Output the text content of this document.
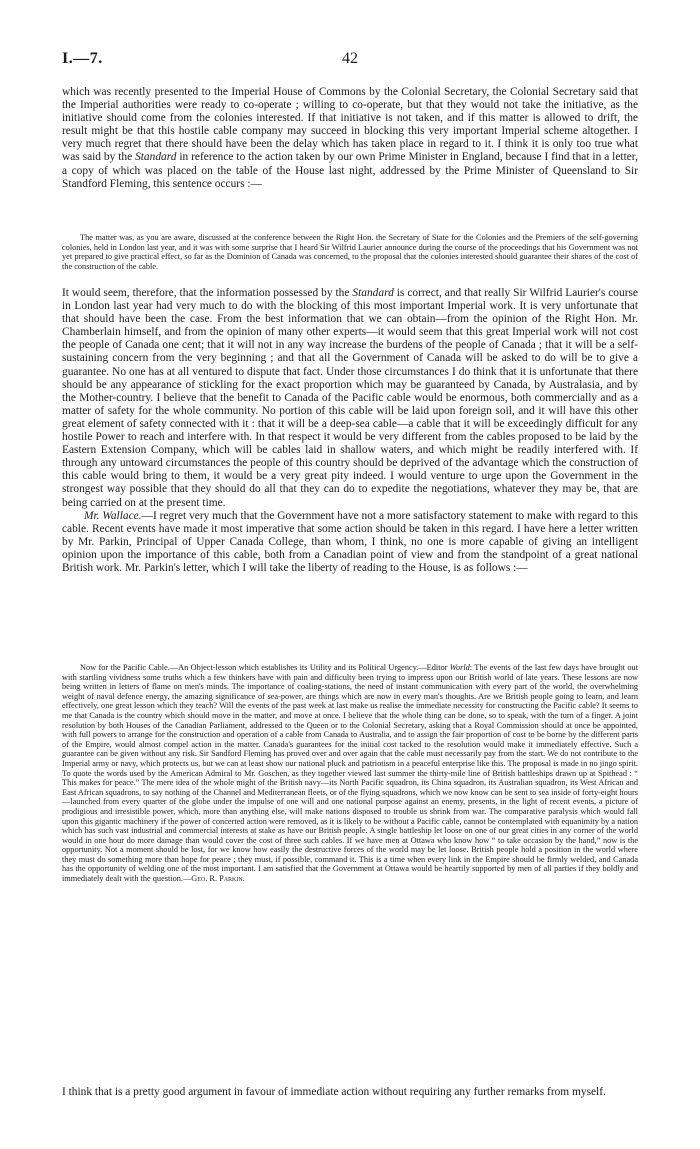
I.—7.	42

which was recently presented to the Imperial House of Commons by the Colonial Secretary, the Colonial Secretary said that the Imperial authorities were ready to co-operate ; willing to co-operate, but that they would not take the initiative, as the initiative should come from the colonies interested. If that initiative is not taken, and if this matter is allowed to drift, the result might be that this hostile cable company may succeed in blocking this very important Imperial scheme altogether. I very much regret that there should have been the delay which has taken place in regard to it. I think it is only too true what was said by the Standard in reference to the action taken by our own Prime Minister in England, because I find that in a letter, a copy of which was placed on the table of the House last night, addressed by the Prime Minister of Queensland to Sir Standford Fleming, this sentence occurs :—

The matter was, as you are aware, discussed at the conference between the Right Hon. the Secretary of State for the Colonies and the Premiers of the self-governing colonies, held in London last year, and it was with some surprise that I heard Sir Wilfrid Laurier announce during the course of the proceedings that his Government was not yet prepared to give practical effect, so far as the Dominion of Canada was concerned, to the proposal that the colonies interested should guarantee their shares of the cost of the construction of the cable.

It would seem, therefore, that the information possessed by the Standard is correct, and that really Sir Wilfrid Laurier's course in London last year had very much to do with the blocking of this most important Imperial work. It is very unfortunate that that should have been the case. From the best information that we can obtain—from the opinion of the Right Hon. Mr. Chamberlain himself, and from the opinion of many other experts—it would seem that this great Imperial work will not cost the people of Canada one cent; that it will not in any way increase the burdens of the people of Canada ; that it will be a self-sustaining concern from the very beginning ; and that all the Government of Canada will be asked to do will be to give a guarantee. No one has at all ventured to dispute that fact. Under those circumstances I do think that it is unfortunate that there should be any appearance of stickling for the exact proportion which may be guaranteed by Canada, by Australasia, and by the Mother-country. I believe that the benefit to Canada of the Pacific cable would be enormous, both commercially and as a matter of safety for the whole community. No portion of this cable will be laid upon foreign soil, and it will have this other great element of safety connected with it : that it will be a deep-sea cable—a cable that it will be exceedingly difficult for any hostile Power to reach and interfere with. In that respect it would be very different from the cables proposed to be laid by the Eastern Extension Company, which will be cables laid in shallow waters, and which might be readily interfered with. If through any untoward circumstances the people of this country should be deprived of the advantage which the construction of this cable would bring to them, it would be a very great pity indeed. I would venture to urge upon the Government in the strongest way possible that they should do all that they can do to expedite the negotiations, whatever they may be, that are being carried on at the present time.

Mr. Wallace.—I regret very much that the Government have not a more satisfactory statement to make with regard to this cable. Recent events have made it most imperative that some action should be taken in this regard. I have here a letter written by Mr. Parkin, Principal of Upper Canada College, than whom, I think, no one is more capable of giving an intelligent opinion upon the importance of this cable, both from a Canadian point of view and from the standpoint of a great national British work. Mr. Parkin's letter, which I will take the liberty of reading to the House, is as follows :—

Now for the Pacific Cable.—An Object-lesson which establishes its Utility and its Political Urgency.—Editor World: The events of the last few days have brought out with startling vividness some truths which a few thinkers have with pain and difficulty been trying to impress upon our British world of late years. These lessons are now being written in letters of flame on men's minds. The importance of coaling-stations, the need of instant communication with every part of the world, the overwhelming weight of naval defence energy, the amazing significance of sea-power, are things which are now in every man's thoughts. Are we British people going to learn, and learn effectively, one great lesson which they teach? Will the events of the past week at last make us realise the immediate necessity for constructing the Pacific cable? It seems to me that Canada is the country which should move in the matter, and move at once. I believe that the whole thing can be done, so to speak, with the turn of a finger. A joint resolution by both Houses of the Canadian Parliament, addressed to the Queen or to the Colonial Secretary, asking that a Royal Commission should at once be appointed, with full powers to arrange for the construction and operation of a cable from Canada to Australia, and to assign the fair proportion of cost to be borne by the different parts of the Empire, would almost compel action in the matter. Canada's guarantees for the initial cost tacked to the resolution would make it immediately effective. Such a guarantee can be given without any risk. Sir Sandford Fleming has proved over and over again that the cable must necessarily pay from the start. We do not contribute to the Imperial army or navy, which protects us, but we can at least show our national pluck and patriotism in a peaceful enterprise like this. The proposal is made in no jingo spirit. To quote the words used by the American Admiral to Mr. Goschen, as they together viewed last summer the thirty-mile line of British battleships drawn up at Spithead : “ This makes for peace.” The mere idea of the whole might of the British navy—its North Pacific squadron, its China squadron, its Australian squadron, its West African and East African squadrons, to say nothing of the Channel and Mediterranean fleets, or of the flying squadrons, which we now know can be sent to sea inside of forty-eight hours—launched from every quarter of the globe under the impulse of one will and one national purpose against an enemy, presents, in the light of recent events, a picture of prodigious and irresistible power, which, more than anything else, will make nations disposed to trouble us shrink from war. The comparative paralysis which would fall upon this gigantic machinery if the power of concerted action were removed, as it is likely to be without a Pacific cable, cannot be contemplated with equanimity by a nation which has such vast industrial and commercial interests at stake as have our British people. A single battleship let loose on one of our great cities in any corner of the world would in one hour do more damage than would cover the cost of three such cables. If we have men at Ottawa who know how “ to take occasion by the hand,” now is the opportunity. Not a moment should be lost, for we know how easily the destructive forces of the world may be let loose. British people hold a position in the world where they must do something more than hope for peace ; they must, if possible, command it. This is a time when every link in the Empire should be firmly welded, and Canada has the opportunity of welding one of the most important. I am satisfied that the Government at Ottawa would be heartily supported by men of all parties if they boldly and immediately dealt with the question.—Geo. R. Parkin.

I think that is a pretty good argument in favour of immediate action without requiring any further remarks from myself.
